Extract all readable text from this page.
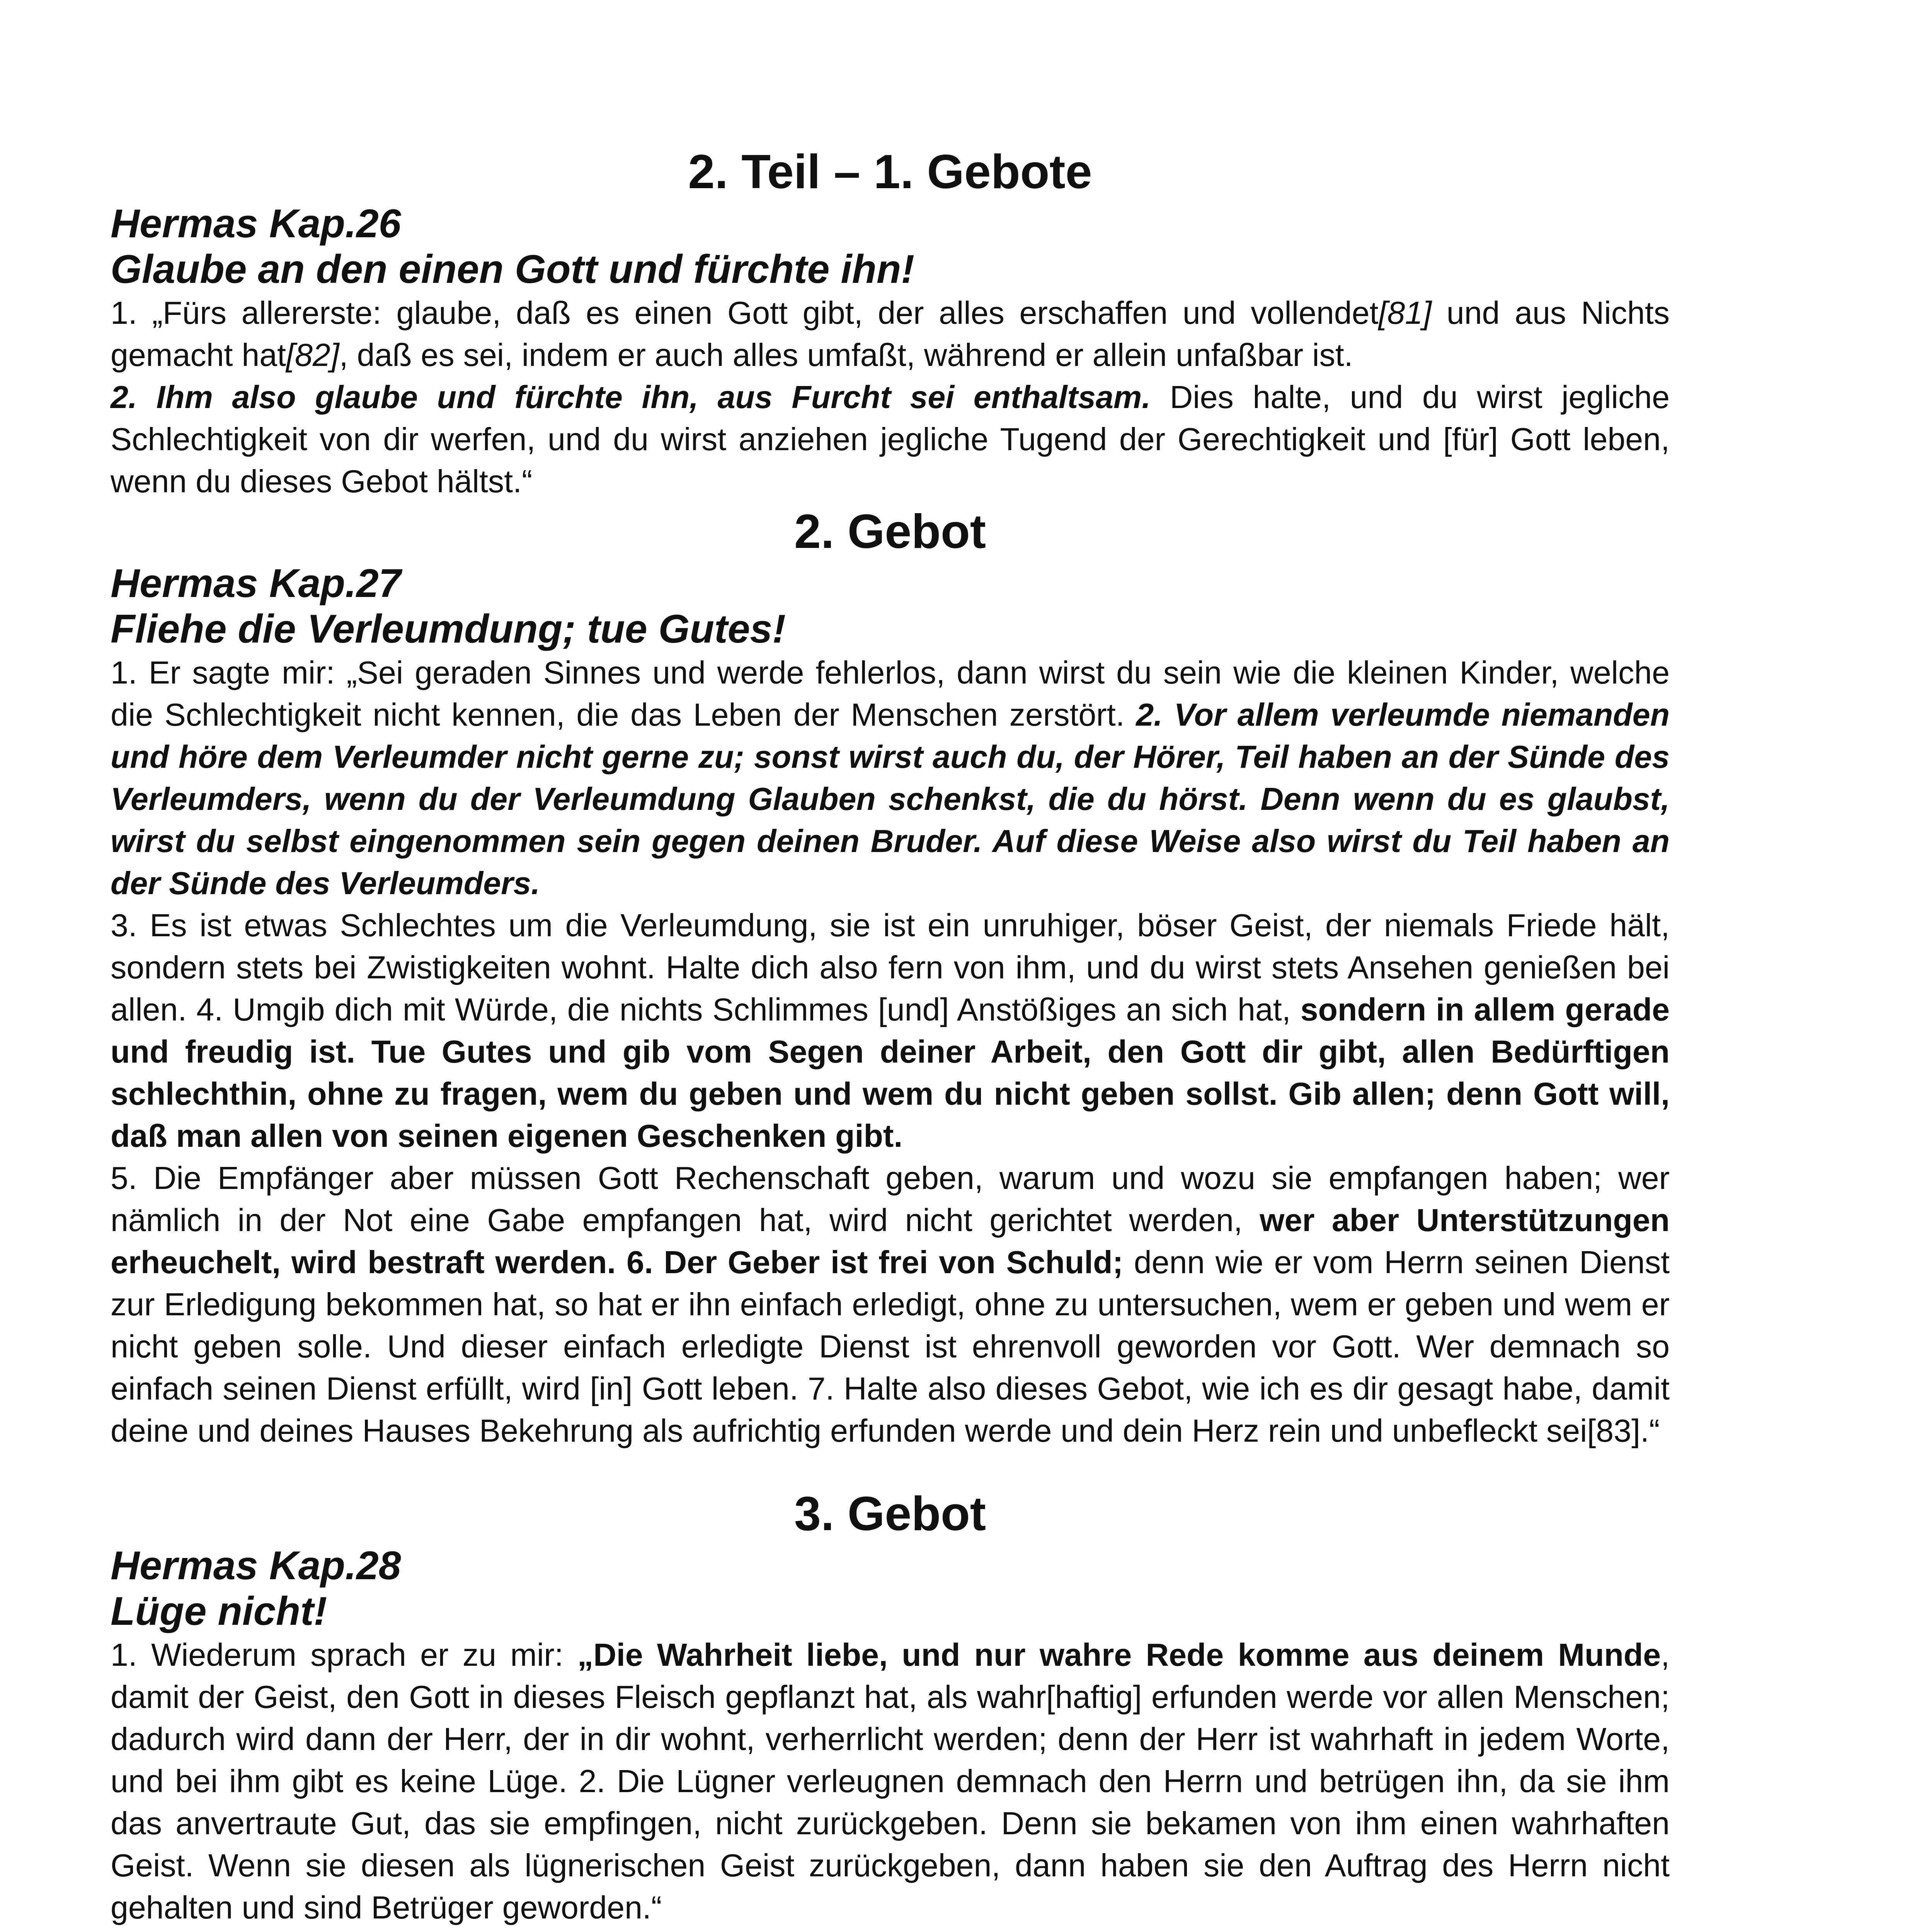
2. Teil – 1. Gebote
Hermas Kap.26
Glaube an den einen Gott und fürchte ihn!

1. „Fürs allererste: glaube, daß es einen Gott gibt, der alles erschaffen und vollendet[81] und aus Nichts gemacht hat[82], daß es sei, indem er auch alles umfaßt, während er allein unfaßbar ist.

2. Ihm also glaube und fürchte ihn, aus Furcht sei enthaltsam. Dies halte, und du wirst jegliche Schlechtigkeit von dir werfen, und du wirst anziehen jegliche Tugend der Gerechtigkeit und [für] Gott leben, wenn du dieses Gebot hältst.“

2. Gebot
Hermas Kap.27
Fliehe die Verleumdung; tue Gutes!

1. Er sagte mir: „Sei geraden Sinnes und werde fehlerlos, dann wirst du sein wie die kleinen Kinder, welche die Schlechtigkeit nicht kennen, die das Leben der Menschen zerstört. 2. Vor allem verleumde niemanden und höre dem Verleumder nicht gerne zu; sonst wirst auch du, der Hörer, Teil haben an der Sünde des Verleumders, wenn du der Verleumdung Glauben schenkst, die du hörst. Denn wenn du es glaubst, wirst du selbst eingenommen sein gegen deinen Bruder. Auf diese Weise also wirst du Teil haben an der Sünde des Verleumders.

3. Es ist etwas Schlechtes um die Verleumdung, sie ist ein unruhiger, böser Geist, der niemals Friede hält, sondern stets bei Zwistigkeiten wohnt. Halte dich also fern von ihm, und du wirst stets Ansehen genießen bei allen. 4. Umgib dich mit Würde, die nichts Schlimmes [und] Anstößiges an sich hat, sondern in allem gerade und freudig ist. Tue Gutes und gib vom Segen deiner Arbeit, den Gott dir gibt, allen Bedürftigen schlechthin, ohne zu fragen, wem du geben und wem du nicht geben sollst. Gib allen; denn Gott will, daß man allen von seinen eigenen Geschenken gibt.

5. Die Empfänger aber müssen Gott Rechenschaft geben, warum und wozu sie empfangen haben; wer nämlich in der Not eine Gabe empfangen hat, wird nicht gerichtet werden, wer aber Unterstützungen erheuchelt, wird bestraft werden. 6. Der Geber ist frei von Schuld; denn wie er vom Herrn seinen Dienst zur Erledigung bekommen hat, so hat er ihn einfach erledigt, ohne zu untersuchen, wem er geben und wem er nicht geben solle. Und dieser einfach erledigte Dienst ist ehrenvoll geworden vor Gott. Wer demnach so einfach seinen Dienst erfüllt, wird [in] Gott leben. 7. Halte also dieses Gebot, wie ich es dir gesagt habe, damit deine und deines Hauses Bekehrung als aufrichtig erfunden werde und dein Herz rein und unbefleckt sei[83].“

3. Gebot
Hermas Kap.28
Lüge nicht!

1. Wiederum sprach er zu mir: „Die Wahrheit liebe, und nur wahre Rede komme aus deinem Munde, damit der Geist, den Gott in dieses Fleisch gepflanzt hat, als wahr[haftig] erfunden werde vor allen Menschen; dadurch wird dann der Herr, der in dir wohnt, verherrlicht werden; denn der Herr ist wahrhaft in jedem Worte, und bei ihm gibt es keine Lüge. 2. Die Lügner verleugnen demnach den Herrn und betrügen ihn, da sie ihm das anvertraute Gut, das sie empfingen, nicht zurückgeben. Denn sie bekamen von ihm einen wahrhaften Geist. Wenn sie diesen als lügnerischen Geist zurückgeben, dann haben sie den Auftrag des Herrn nicht gehalten und sind Betrüger geworden.“
